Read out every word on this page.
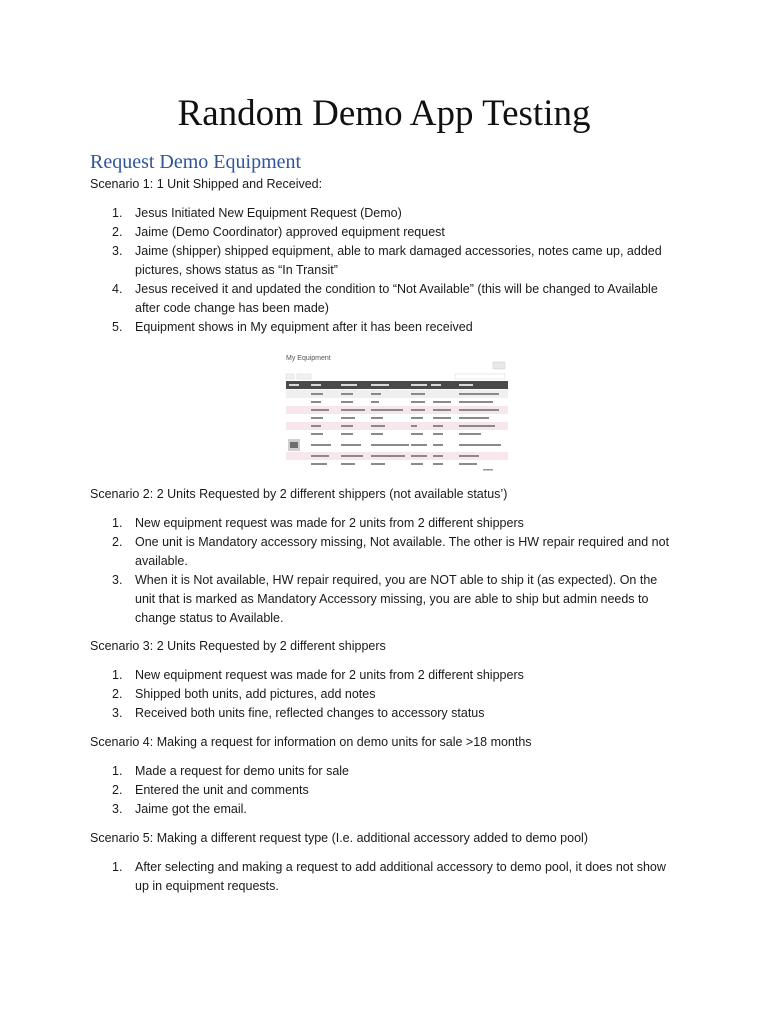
Random Demo App Testing
Request Demo Equipment
Scenario 1: 1 Unit Shipped and Received:
1. Jesus Initiated New Equipment Request (Demo)
2. Jaime (Demo Coordinator) approved equipment request
3. Jaime (shipper) shipped equipment, able to mark damaged accessories, notes came up, added
pictures, shows status as “In Transit”
4. Jesus received it and updated the condition to “Not Available” (this will be changed to Available
after code change has been made)
5. Equipment shows in My equipment after it has been received
My Equipment
Scenario 2: 2 Units Requested by 2 different shippers (not available status’)
1. New equipment request was made for 2 units from 2 different shippers
2. One unit is Mandatory accessory missing, Not available. The other is HW repair required and not
available.
3. When it is Not available, HW repair required, you are NOT able to ship it (as expected). On the
unit that is marked as Mandatory Accessory missing, you are able to ship but admin needs to
change status to Available.
Scenario 3: 2 Units Requested by 2 different shippers
1. New equipment request was made for 2 units from 2 different shippers
2. Shipped both units, add pictures, add notes
3. Received both units fine, reflected changes to accessory status
Scenario 4: Making a request for information on demo units for sale >18 months
1. Made a request for demo units for sale
2. Entered the unit and comments
3. Jaime got the email.
Scenario 5: Making a different request type (I.e. additional accessory added to demo pool)
1. After selecting and making a request to add additional accessory to demo pool, it does not show
up in equipment requests.
